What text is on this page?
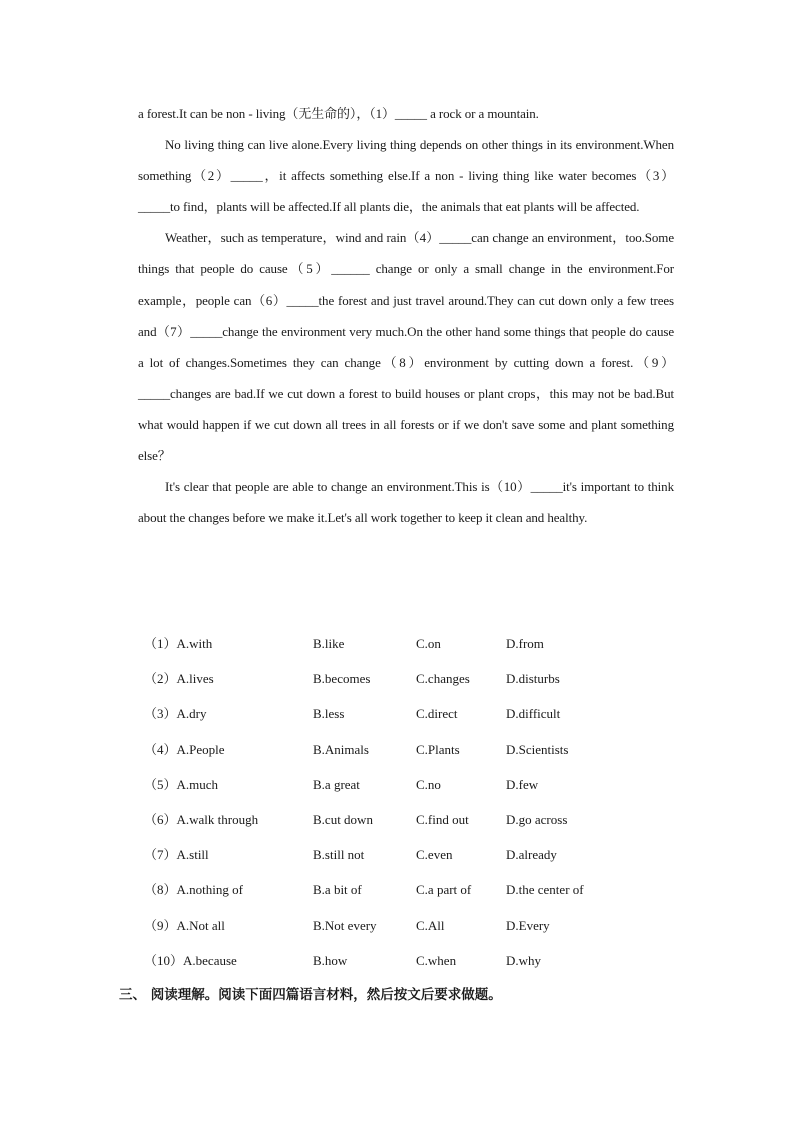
a forest.It can be non - living（无生命的），（1）_____ a rock or a mountain.

No living thing can live alone.Every living thing depends on other things in its environment.When something（2）_____，it affects something else.If a non - living thing like water becomes（3）_____to find，plants will be affected.If all plants die，the animals that eat plants will be affected.

Weather，such as temperature，wind and rain（4）_____can change an environment，too.Some things that people do cause（5）______ change or only a small change in the environment.For example，people can（6）_____the forest and just travel around.They can cut down only a few trees and（7）_____change the environment very much.On the other hand some things that people do cause a lot of changes.Sometimes they can change（8）environment by cutting down a forest.（9）_____changes are bad.If we cut down a forest to build houses or plant crops，this may not be bad.But what would happen if we cut down all trees in all forests or if we don't save some and plant something else？

It's clear that people are able to change an environment.This is（10）_____it's important to think about the changes before we make it.Let's all work together to keep it clean and healthy.

（1）A.with	B.like	C.on	D.from
（2）A.lives	B.becomes	C.changes	D.disturbs
（3）A.dry	B.less	C.direct	D.difficult
（4）A.People	B.Animals	C.Plants	D.Scientists
（5）A.much	B.a great	C.no	D.few
（6）A.walk through	B.cut down	C.find out	D.go across
（7）A.still	B.still not	C.even	D.already
（8）A.nothing of	B.a bit of	C.a part of	D.the center of
（9）A.Not all	B.Not every	C.All	D.Every
（10）A.because	B.how	C.when	D.why
三、 阅读理解。阅读下面四篇语言材料，然后按文后要求做题。
